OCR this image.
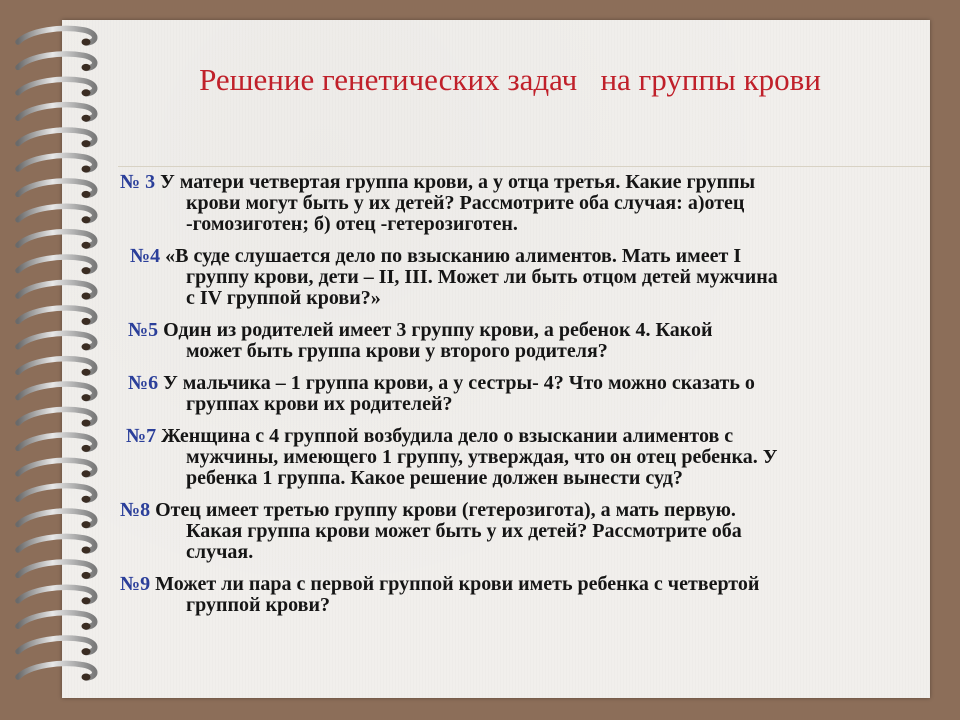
Решение генетических задач   на группы крови
№ 3 У матери четвертая группа крови, а у отца третья. Какие группы
крови могут быть у их детей? Рассмотрите оба случая: а)отец
-гомозиготен; б) отец -гетерозиготен.
№4 «В суде слушается дело по взысканию алиментов. Мать имеет I
группу крови, дети – II, III. Может ли быть отцом детей мужчина
с IV группой крови?»
№5 Один из родителей имеет 3 группу крови, а ребенок 4. Какой
может быть группа крови у второго родителя?
№6 У мальчика – 1 группа крови, а у сестры- 4? Что можно сказать о
группах крови их родителей?
№7 Женщина с 4 группой возбудила дело о взыскании алиментов с
мужчины, имеющего 1 группу, утверждая, что он отец ребенка. У
ребенка 1 группа. Какое решение должен вынести суд?
№8 Отец имеет третью группу крови (гетерозигота), а мать первую.
Какая группа крови может быть у их детей? Рассмотрите оба
случая.
№9 Может ли пара с первой группой крови иметь ребенка с четвертой
группой крови?
